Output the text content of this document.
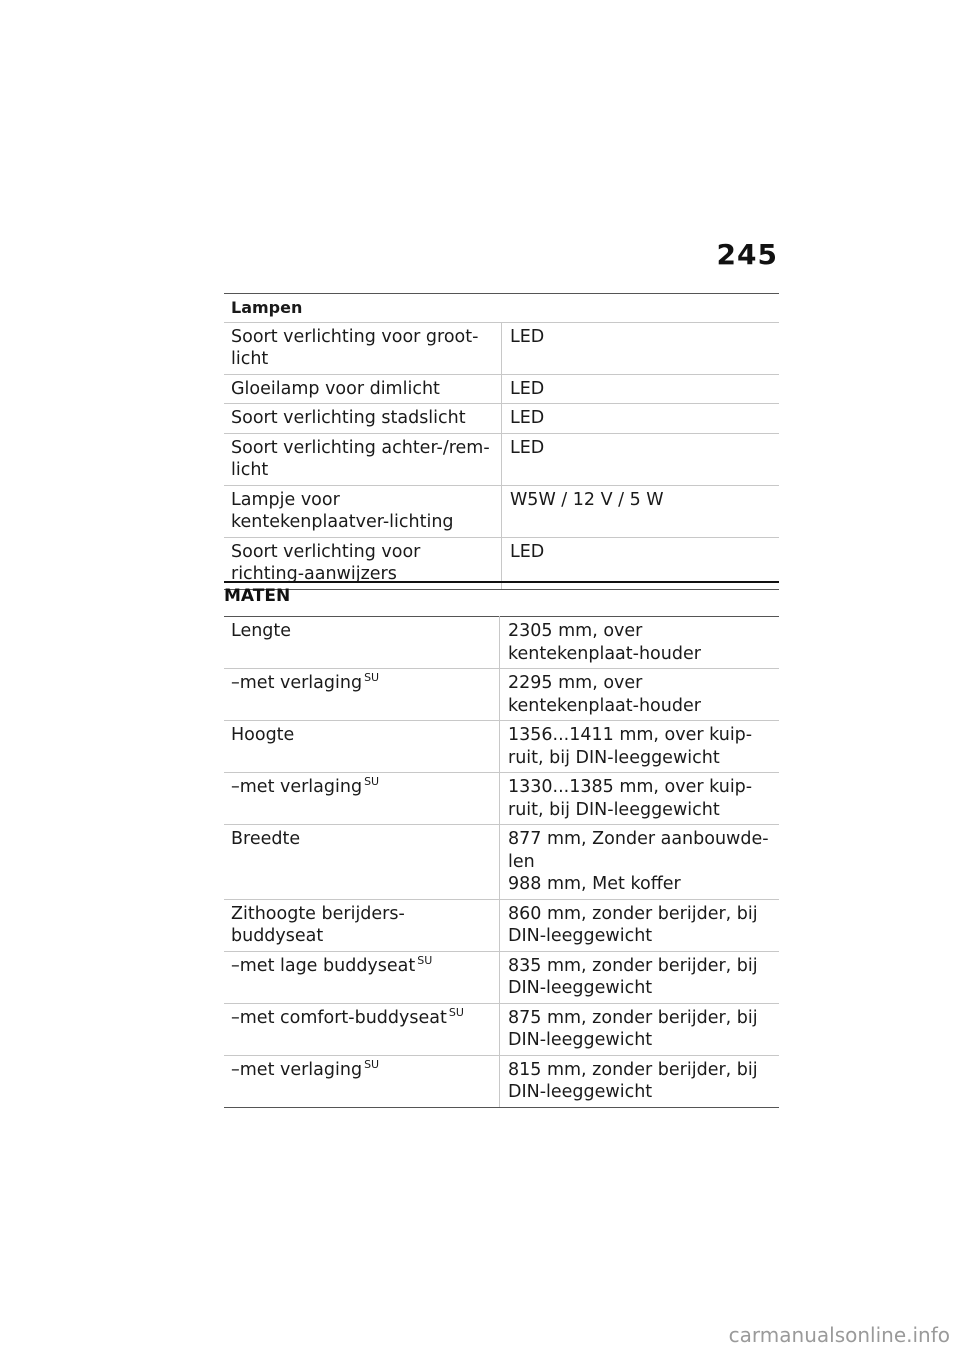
245
Lampen	
Soort verlichting voor groot-licht	LED
Gloeilamp voor dimlicht	LED
Soort verlichting stadslicht	LED
Soort verlichting achter-/rem-licht	LED
Lampje voor kentekenplaatver-lichting	W5W / 12 V / 5 W
Soort verlichting voor richting-aanwijzers	LED
MATEN
Lengte	2305 mm, over kentekenplaat-houder
–met verlaging $^{SU}$	2295 mm, over kentekenplaat-houder
Hoogte	1356...1411 mm, over kuip-ruit, bij DIN-leeggewicht
–met verlaging $^{SU}$	1330...1385 mm, over kuip-ruit, bij DIN-leeggewicht
Breedte	877 mm, Zonder aanbouwde-len
988 mm, Met koffer

Zithoogte berijders-buddyseat	860 mm, zonder berijder, bij DIN-leeggewicht
–met lage buddyseat $^{SU}$	835 mm, zonder berijder, bij DIN-leeggewicht
–met comfort-buddyseat $^{SU}$	875 mm, zonder berijder, bij DIN-leeggewicht
–met verlaging $^{SU}$	815 mm, zonder berijder, bij DIN-leeggewicht
carmanualsonline.info
